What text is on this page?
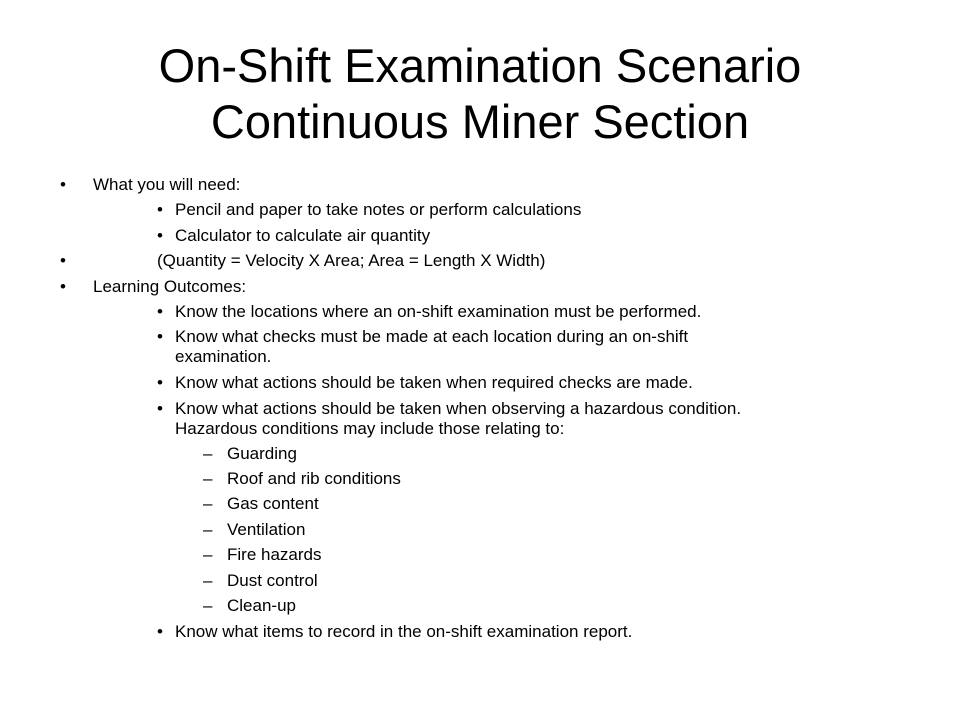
On-Shift Examination Scenario
Continuous Miner Section
• What you will need:
• Pencil and paper to take notes or perform calculations
• Calculator to calculate air quantity
•	(Quantity = Velocity X Area; Area = Length X Width)
• Learning Outcomes:
• Know the locations where an on-shift examination must be performed.
• Know what checks must be made at each location during an on-shift
examination.
• Know what actions should be taken when required checks are made.
• Know what actions should be taken when observing a hazardous condition.
Hazardous conditions may include those relating to:
– Guarding
– Roof and rib conditions
– Gas content
– Ventilation
– Fire hazards
– Dust control
– Clean-up
• Know what items to record in the on-shift examination report.
